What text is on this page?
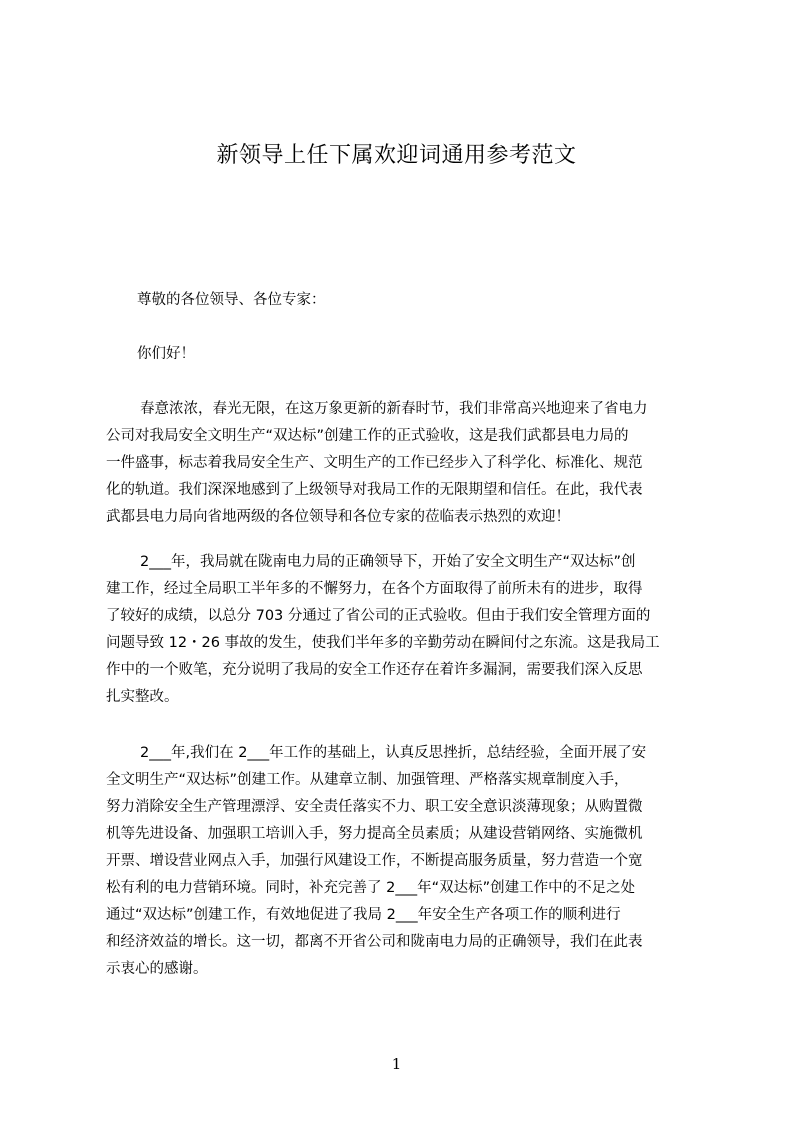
新领导上任下属欢迎词通用参考范文
尊敬的各位领导、各位专家：
你们好！
春意浓浓，春光无限，在这万象更新的新春时节，我们非常高兴地迎来了省电力
公司对我局安全文明生产“双达标”创建工作的正式验收，这是我们武都县电力局的
一件盛事，标志着我局安全生产、文明生产的工作已经步入了科学化、标准化、规范
化的轨道。我们深深地感到了上级领导对我局工作的无限期望和信任。在此，我代表
武都县电力局向省地两级的各位领导和各位专家的莅临表示热烈的欢迎！
2___年，我局就在陇南电力局的正确领导下，开始了安全文明生产“双达标”创
建工作，经过全局职工半年多的不懈努力，在各个方面取得了前所未有的进步，取得
了较好的成绩，以总分 703 分通过了省公司的正式验收。但由于我们安全管理方面的
问题导致 12・26 事故的发生，使我们半年多的辛勤劳动在瞬间付之东流。这是我局工
作中的一个败笔，充分说明了我局的安全工作还存在着许多漏洞，需要我们深入反思
扎实整改。
2___年,我们在 2___年工作的基础上，认真反思挫折，总结经验，全面开展了安
全文明生产“双达标”创建工作。从建章立制、加强管理、严格落实规章制度入手，
努力消除安全生产管理漂浮、安全责任落实不力、职工安全意识淡薄现象；从购置微
机等先进设备、加强职工培训入手，努力提高全员素质；从建设营销网络、实施微机
开票、增设营业网点入手，加强行风建设工作，不断提高服务质量，努力营造一个宽
松有利的电力营销环境。同时，补充完善了 2___年“双达标”创建工作中的不足之处
通过“双达标”创建工作，有效地促进了我局 2___年安全生产各项工作的顺利进行
和经济效益的增长。这一切，都离不开省公司和陇南电力局的正确领导，我们在此表
示衷心的感谢。
1
